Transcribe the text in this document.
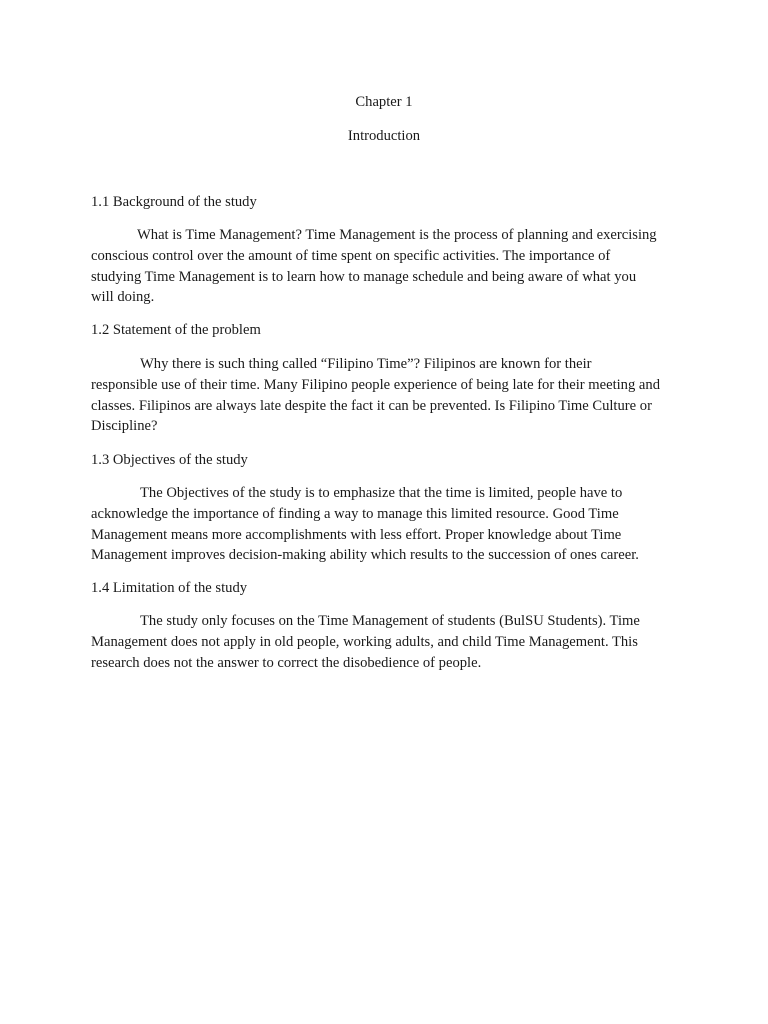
Chapter 1
Introduction
1.1 Background of the study
What is Time Management? Time Management is the process of planning and exercising
conscious control over the amount of time spent on specific activities. The importance of
studying Time Management is to learn how to manage schedule and being aware of what you
will doing.
1.2 Statement of the problem
Why there is such thing called “Filipino Time”? Filipinos are known for their
responsible use of their time. Many Filipino people experience of being late for their meeting and
classes. Filipinos are always late despite the fact it can be prevented. Is Filipino Time Culture or
Discipline?
1.3 Objectives of the study
The Objectives of the study is to emphasize that the time is limited, people have to
acknowledge the importance of finding a way to manage this limited resource. Good Time
Management means more accomplishments with less effort. Proper knowledge about Time
Management improves decision-making ability which results to the succession of ones career.
1.4 Limitation of the study
The study only focuses on the Time Management of students (BulSU Students). Time
Management does not apply in old people, working adults, and child Time Management. This
research does not the answer to correct the disobedience of people.
